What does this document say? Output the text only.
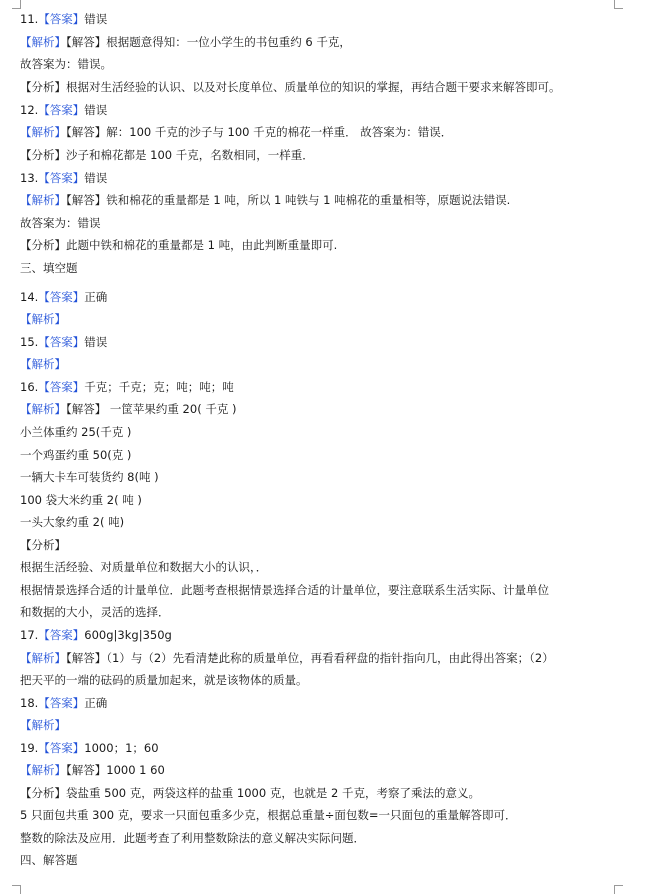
11.【答案】错误
【解析】【解答】根据题意得知：一位小学生的书包重约 6 千克，
故答案为：错误。
【分析】根据对生活经验的认识、以及对长度单位、质量单位的知识的掌握，再结合题干要求来解答即可。
12.【答案】错误
【解析】【解答】解：100 千克的沙子与 100 千克的棉花一样重． 故答案为：错误．
【分析】沙子和棉花都是 100 千克，名数相同，一样重．
13.【答案】错误
【解析】【解答】铁和棉花的重量都是 1 吨，所以 1 吨铁与 1 吨棉花的重量相等，原题说法错误.
故答案为：错误
【分析】此题中铁和棉花的重量都是 1 吨，由此判断重量即可.
三、填空题
14.【答案】正确
【解析】
15.【答案】错误
【解析】
16.【答案】千克；千克；克；吨；吨；吨
【解析】【解答】 一筐苹果约重 20( 千克 )
小兰体重约 25(千克 )
一个鸡蛋约重 50(克 )
一辆大卡车可装货约 8(吨 )
100 袋大米约重 2( 吨 )
一头大象约重 2( 吨)
【分析】
根据生活经验、对质量单位和数据大小的认识，．
根据情景选择合适的计量单位．此题考查根据情景选择合适的计量单位，要注意联系生活实际、计量单位
和数据的大小，灵活的选择．
17.【答案】600g|3kg|350g
【解析】【解答】（1）与（2）先看清楚此称的质量单位，再看看秤盘的指针指向几，由此得出答案；（2）
把天平的一端的砝码的质量加起来，就是该物体的质量。
18.【答案】正确
【解析】
19.【答案】1000；1；60
【解析】【解答】1000 1 60
【分析】袋盐重 500 克，两袋这样的盐重 1000 克，也就是 2 千克，考察了乘法的意义。
5 只面包共重 300 克，要求一只面包重多少克，根据总重量÷面包数=一只面包的重量解答即可．
整数的除法及应用．此题考查了利用整数除法的意义解决实际问题．
四、解答题
